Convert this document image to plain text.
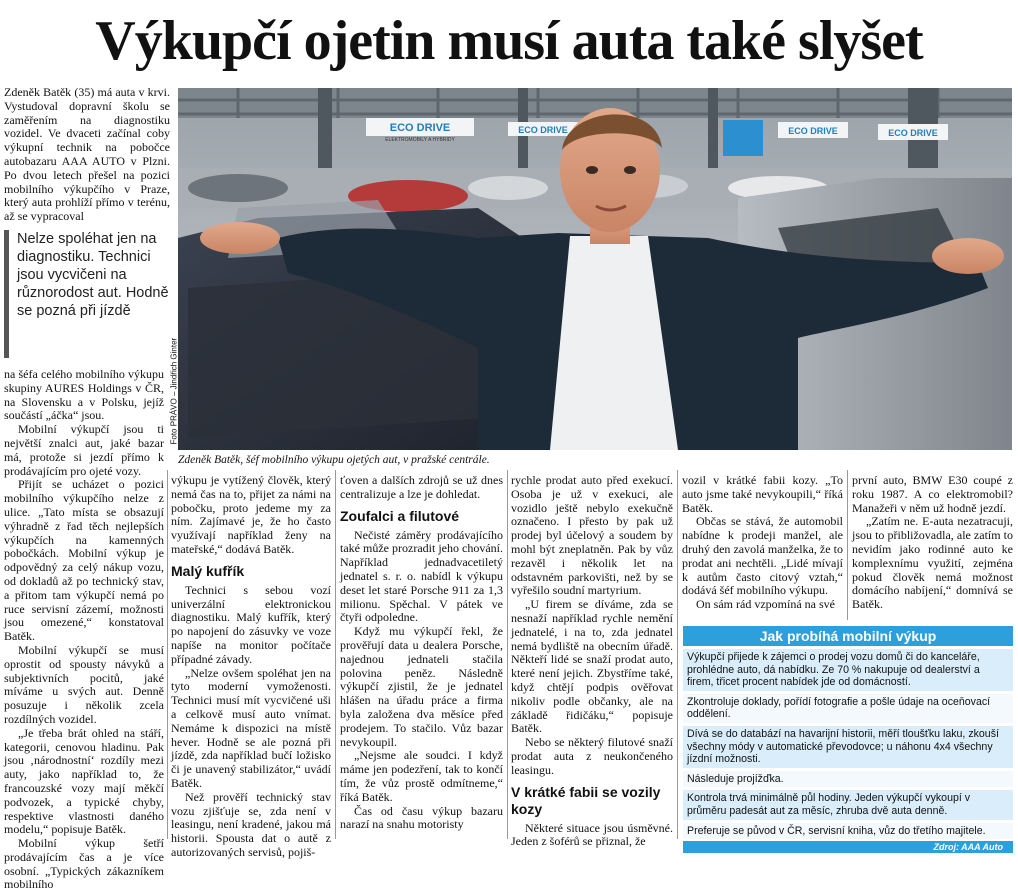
Výkupčí ojetin musí auta také slyšet

Zdeněk Batěk (35) má auta v krvi. Vystudoval dopravní školu se zaměřením na diagnostiku vozidel. Ve dvaceti začínal coby výkupní technik na pobočce autobazaru AAA AUTO v Plzni. Po dvou letech přešel na pozici mobilního výkupčího v Praze, který auta prohlíží přímo v terénu, až se vypracoval

Nelze spoléhat jen na diagnostiku. Technici jsou vycvičeni na různorodost aut. Hodně se pozná při jízdě

na šéfa celého mobilního výkupu skupiny AURES Holdings v ČR, na Slovensku a v Polsku, jejíž součástí „áčka“ jsou.

Mobilní výkupčí jsou ti největší znalci aut, jaké bazar má, protože si jezdí přímo k prodávajícím pro ojeté vozy.

Přijít se ucházet o pozici mobilního výkupčího nelze z ulice. „Tato místa se obsazují výhradně z řad těch nejlepších výkupčích na kamenných pobočkách. Mobilní výkup je odpovědný za celý nákup vozu, od dokladů až po technický stav, a přitom tam výkupčí nemá po ruce servisní zázemí, možnosti jsou omezené,“ konstatoval Batěk.

Mobilní výkupčí se musí oprostit od spousty návyků a subjektivních pocitů, jaké míváme u svých aut. Denně posuzuje i několik zcela rozdílných vozidel.

„Je třeba brát ohled na stáří, kategorii, cenovou hladinu. Pak jsou ‚národnostní‘ rozdíly mezi auty, jako například to, že francouzské vozy mají měkčí podvozek, a typické chyby, respektive vlastnosti daného modelu,“ popisuje Batěk.

Mobilní výkup šetří prodávajícím čas a je více osobní. „Typických zákazníkem mobilního

ECO DRIVE
ELEKTROMOBILY A HYBRIDY
ECO DRIVE	ECO DRIVE	ECO DRIVE
Foto PRÁVO – Jindřich Ginter
Zdeněk Batěk, šéf mobilního výkupu ojetých aut, v pražské centrále.

výkupu je vytížený člověk, který nemá čas na to, přijet za námi na pobočku, proto jedeme my za ním. Zajímavé je, že ho často využívají například ženy na mateřské,“ dodává Batěk.

Malý kufřík

Technici s sebou vozí univerzální elektronickou diagnostiku. Malý kufřík, který po napojení do zásuvky ve voze napíše na monitor počítače případné závady.

„Nelze ovšem spoléhat jen na tyto moderní vymoženosti. Technici musí mít vycvičené uši a celkově musí auto vnímat. Nemáme k dispozici na místě hever. Hodně se ale pozná při jízdě, zda například bučí ložisko či je unavený stabilizátor,“ uvádí Batěk.

Než prověří technický stav vozu zjišťuje se, zda není v leasingu, není kradené, jakou má historii. Spousta dat o autě z autorizovaných servisů, pojiš-

ťoven a dalších zdrojů se už dnes centralizuje a lze je dohledat.

Zoufalci a filutové

Nečisté záměry prodávajícího také může prozradit jeho chování. Například jednadvacetiletý jednatel s. r. o. nabídl k výkupu deset let staré Porsche 911 za 1,3 milionu. Spěchal. V pátek ve čtyři odpoledne.

Když mu výkupčí řekl, že prověřují data u dealera Porsche, najednou jednateli stačila polovina peněz. Následně výkupčí zjistil, že je jednatel hlášen na úřadu práce a firma byla založena dva měsíce před prodejem. To stačilo. Vůz bazar nevykoupil.

„Nejsme ale soudci. I když máme jen podezření, tak to končí tím, že vůz prostě odmítneme,“ říká Batěk.

Čas od času výkup bazaru narazí na snahu motoristy

rychle prodat auto před exekucí. Osoba je už v exekuci, ale vozidlo ještě nebylo exekučně označeno. I přesto by pak už prodej byl účelový a soudem by mohl být zneplatněn. Pak by vůz rezavěl i několik let na odstavném parkovišti, než by se vyřešilo soudní martyrium.

„U firem se díváme, zda se nesnaží například rychle nemění jednatelé, i na to, zda jednatel nemá bydliště na obecním úřadě. Někteří lidé se snaží prodat auto, které není jejich. Zbystříme také, když chtějí podpis ověřovat nikoliv podle občanky, ale na základě řidičáku,“ popisuje Batěk.

Nebo se některý filutové snaží prodat auta z neukončeného leasingu.

V krátké fabii se vozily kozy

Některé situace jsou úsměvné. Jeden z šoférů se přiznal, že

vozil v krátké fabii kozy. „To auto jsme také nevykoupili,“ říká Batěk.

Občas se stává, že automobil nabídne k prodeji manžel, ale druhý den zavolá manželka, že to prodat ani nechtěli. „Lidé mívají k autům často citový vztah,“ dodává šéf mobilního výkupu.

On sám rád vzpomíná na své

první auto, BMW E30 coupé z roku 1987. A co elektromobil? Manažeři v něm už hodně jezdí.

„Zatím ne. E-auta nezatracuji, jsou to přibližovadla, ale zatím to nevidím jako rodinné auto ke komplexnímu využití, zejména pokud člověk nemá možnost domácího nabíjení,“ domnívá se Batěk.

Jak probíhá mobilní výkup
Výkupčí přijede k zájemci o prodej vozu domů či do kanceláře, prohlédne auto, dá nabídku. Ze 70 % nakupuje od dealerství a firem, třicet procent nabídek jde od domácností.
Zkontroluje doklady, pořídí fotografie a pošle údaje na oceňovací oddělení.
Dívá se do databází na havarijní historii, měří tloušťku laku, zkouší všechny módy v automatické převodovce; u náhonu 4x4 všechny jízdní možnosti.
Následuje projížďka.
Kontrola trvá minimálně půl hodiny. Jeden výkupčí vykoupí v průměru padesát aut za měsíc, zhruba dvě auta denně.
Preferuje se původ v ČR, servisní kniha, vůz do třetího majitele.
Zdroj: AAA Auto
